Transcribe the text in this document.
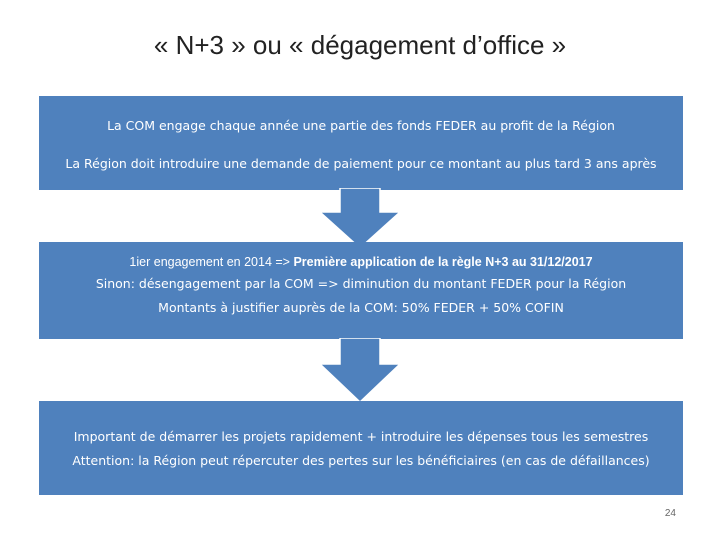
« N+3 » ou « dégagement d’office »
La COM engage chaque année une partie des fonds FEDER au profit de la Région
La Région doit introduire une demande de paiement pour ce montant au plus tard 3 ans après
1ier engagement en 2014 => Première application de la règle N+3 au 31/12/2017
Sinon: désengagement par la COM => diminution du montant FEDER pour la Région
Montants à justifier auprès de la COM: 50% FEDER + 50% COFIN
Important de démarrer les projets rapidement + introduire les dépenses tous les semestres
Attention: la Région peut répercuter des pertes sur les bénéficiaires (en cas de défaillances)
24
